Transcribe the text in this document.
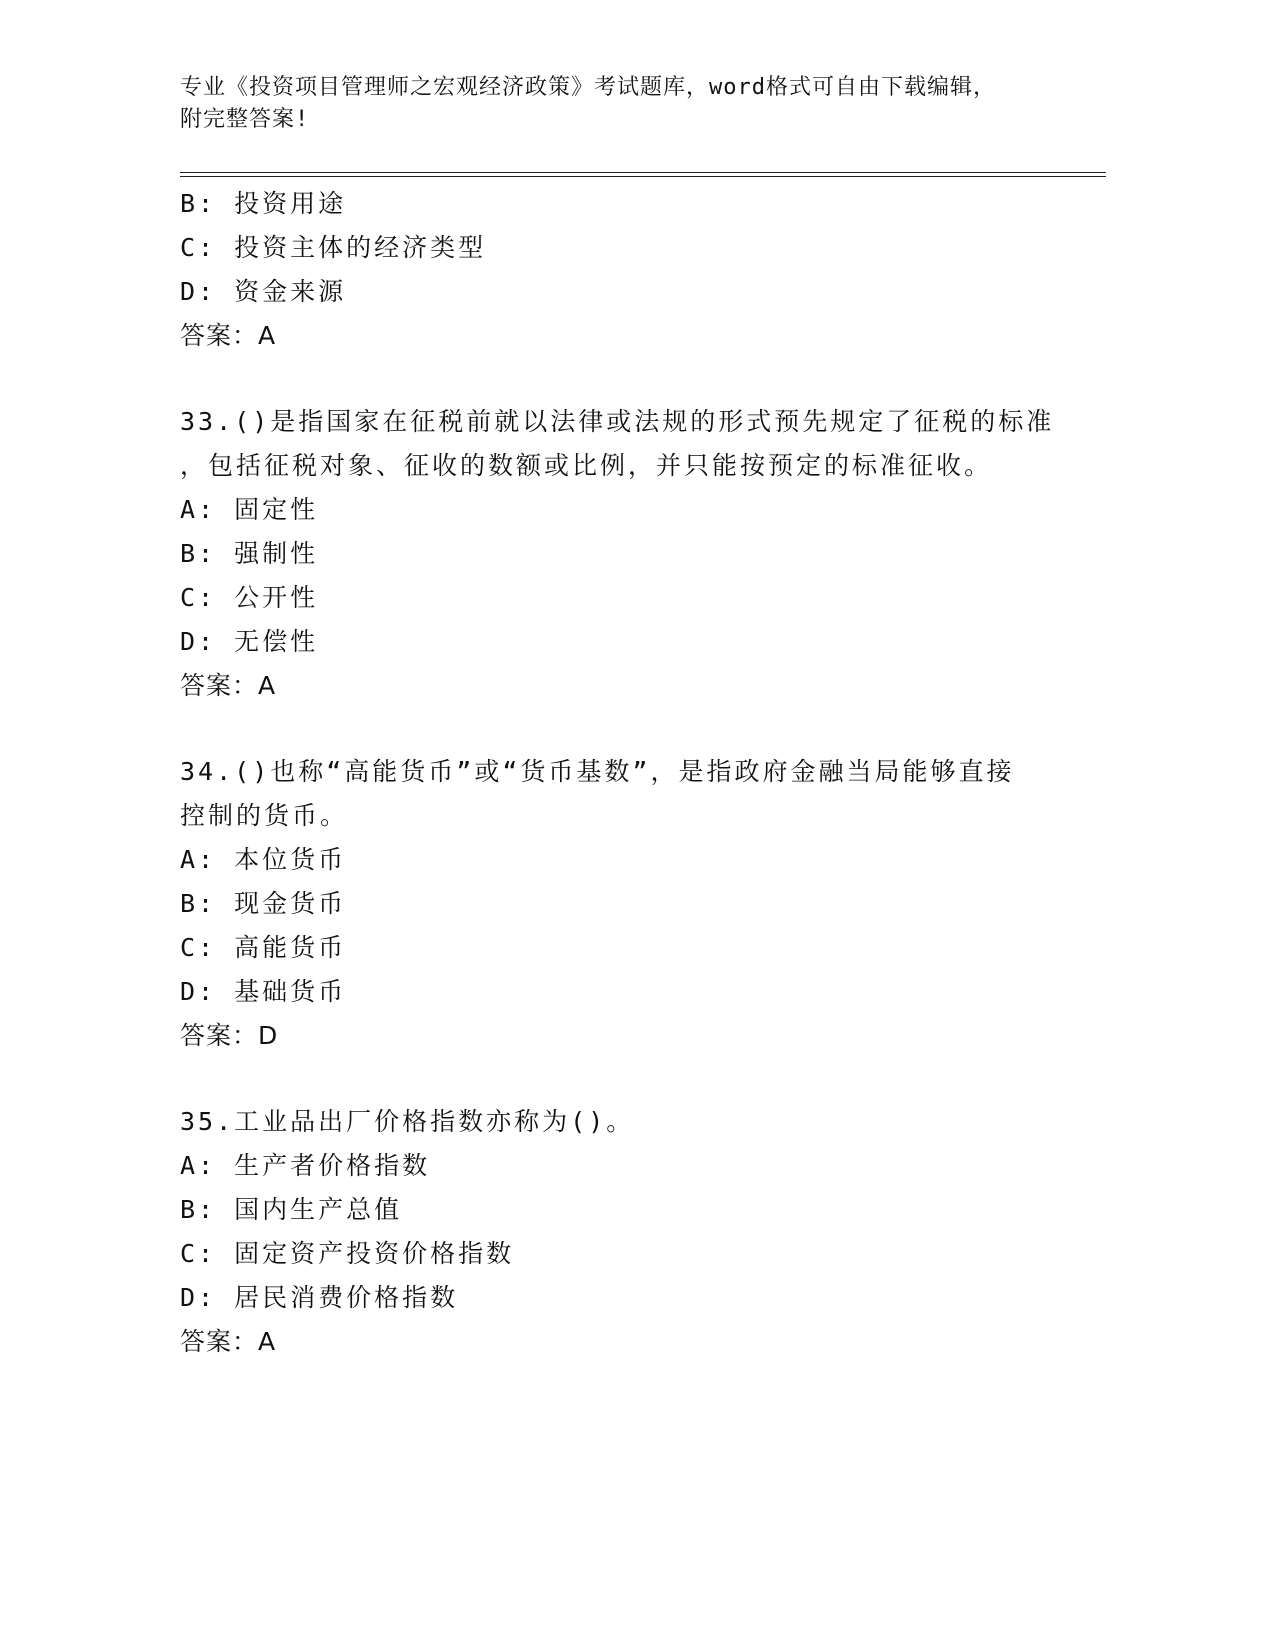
专业《投资项目管理师之宏观经济政策》考试题库，word格式可自由下载编辑，
附完整答案!
B: 投资用途
C: 投资主体的经济类型
D: 资金来源
答案：A
33.()是指国家在征税前就以法律或法规的形式预先规定了征税的标准
，包括征税对象、征收的数额或比例，并只能按预定的标准征收。
A: 固定性
B: 强制性
C: 公开性
D: 无偿性
答案：A
34.()也称“高能货币”或“货币基数”，是指政府金融当局能够直接
控制的货币。
A: 本位货币
B: 现金货币
C: 高能货币
D: 基础货币
答案：D
35.工业品出厂价格指数亦称为()。
A: 生产者价格指数
B: 国内生产总值
C: 固定资产投资价格指数
D: 居民消费价格指数
答案：A
